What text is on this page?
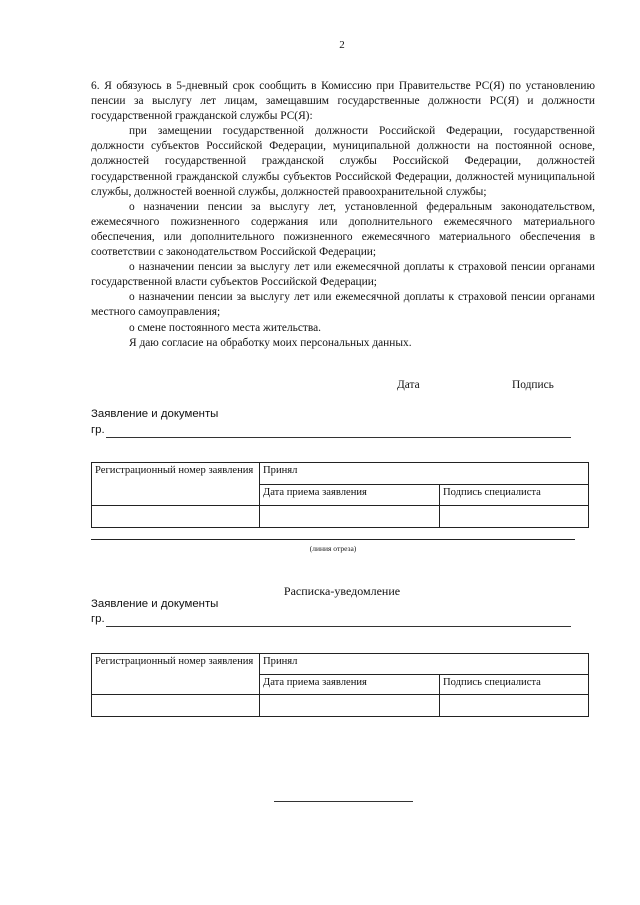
2

6. Я обязуюсь в 5-дневный срок сообщить в Комиссию при Правительстве РС(Я) по установлению пенсии за выслугу лет лицам, замещавшим государственные должности РС(Я) и должности государственной гражданской службы РС(Я):

при замещении государственной должности Российской Федерации, государственной должности субъектов Российской Федерации, муниципальной должности на постоянной основе, должностей государственной гражданской службы Российской Федерации, должностей государственной гражданской службы субъектов Российской Федерации, должностей муниципальной службы, должностей военной службы, должностей правоохранительной службы;

о назначении пенсии за выслугу лет, установленной федеральным законодательством, ежемесячного пожизненного содержания или дополнительного ежемесячного материального обеспечения, или дополнительного пожизненного ежемесячного материального обеспечения в соответствии с законодательством Российской Федерации;

о назначении пенсии за выслугу лет или ежемесячной доплаты к страховой пенсии органами государственной власти субъектов Российской Федерации;

о назначении пенсии за выслугу лет или ежемесячной доплаты к страховой пенсии органами местного самоуправления;

о смене постоянного места жительства.

Я даю согласие на обработку моих персональных данных.

Дата	Подпись
Заявление и документы
гр.
Регистрационный номер заявления	Принял	
	Дата приема заявления	Подпись специалиста

(линия отреза)
Расписка-уведомление
Заявление и документы
гр.
Регистрационный номер заявления	Принял	
	Дата приема заявления	Подпись специалиста
